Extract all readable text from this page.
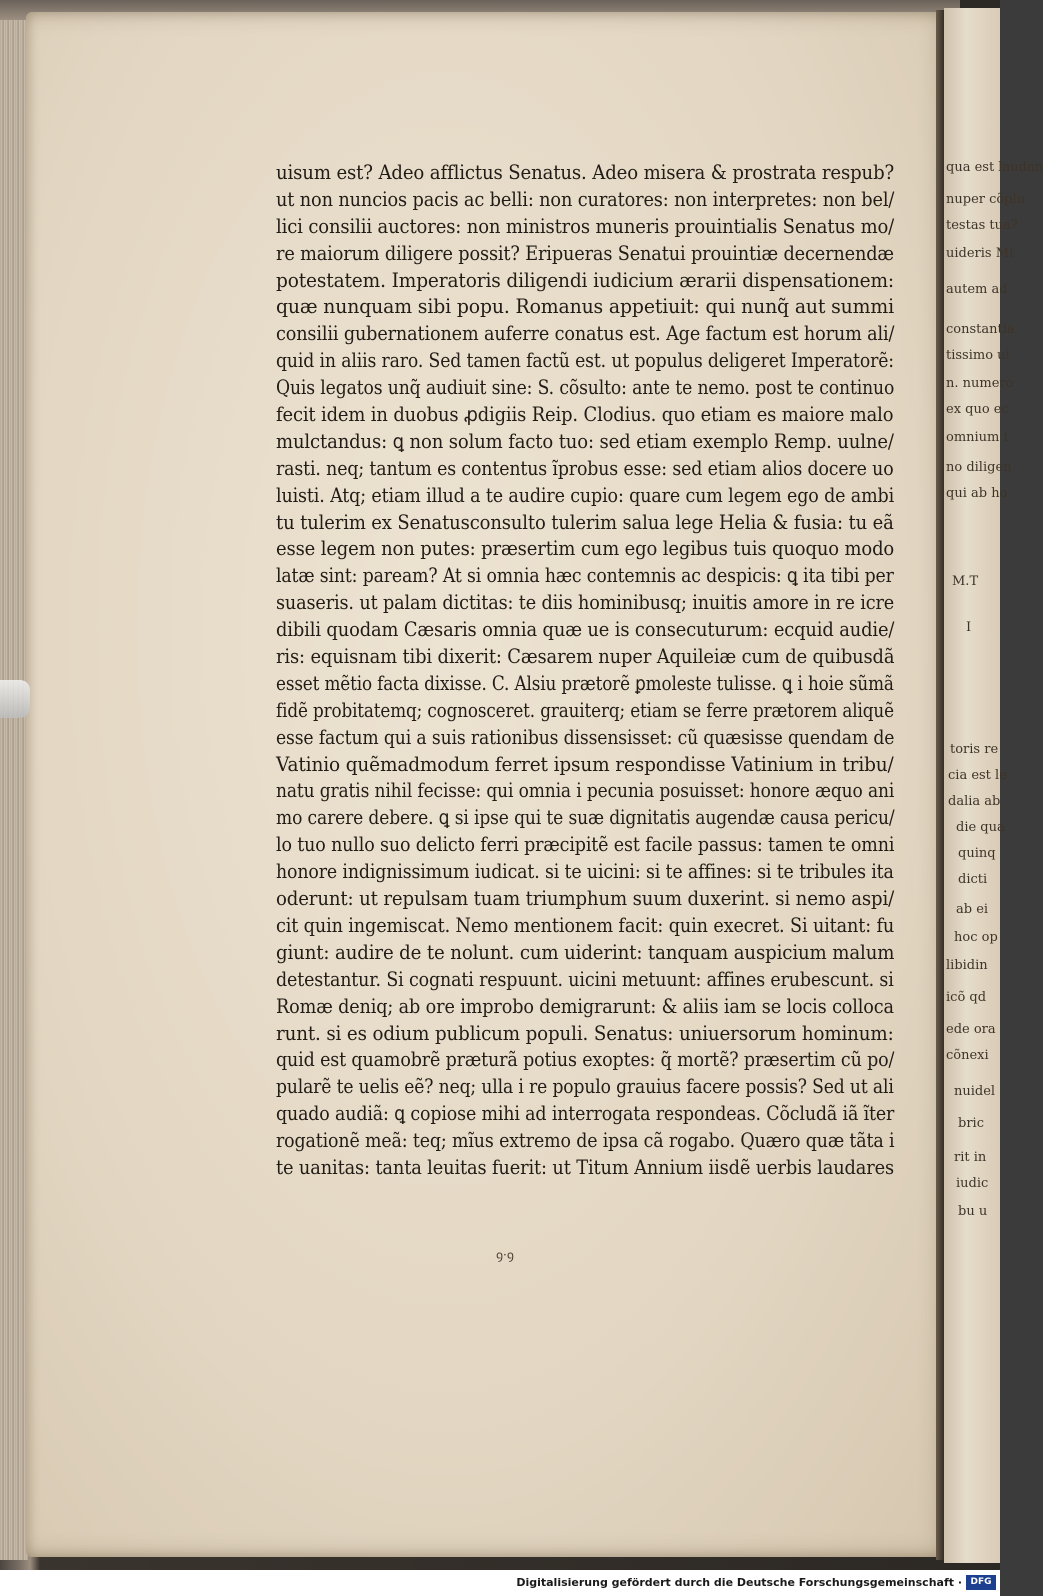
qua est laudan
nuper cõplu
testas tua?
uideris Mi
autem ad
constantia
tissimo ui
n. numero
ex quo ec
omnium t
no diligen
qui ab ho
M.T
I
toris re
cia est le
dalia ab
die qua
quinq
dicti
ab ei
hoc op
libidin
icõ qd
ede ora
cõnexi
nuidel
bric
rit in
iudic
bu u
uisum est? Adeo afflictus Senatus. Adeo misera & prostrata respub?
ut non nuncios pacis ac belli: non curatores: non interpretes: non bel/
lici consilii auctores: non ministros muneris prouintialis Senatus mo/
re maiorum diligere possit? Eripueras Senatui prouintiæ decernendæ
potestatem. Imperatoris diligendi iudicium ærarii dispensationem:
quæ nunquam sibi popu. Romanus appetiuit: qui nunq̃ aut summi
consilii gubernationem auferre conatus est. Age factum est horum ali/
quid in aliis raro. Sed tamen factũ est. ut populus deligeret Imperatorẽ:
Quis legatos unq̃ audiuit sine: S. cõsulto: ante te nemo. post te continuo
fecit idem in duobus ꝓdigiis Reip. Clodius. quo etiam es maiore malo
mulctandus: ꝗ non solum facto tuo: sed etiam exemplo Remp. uulne/
rasti. neq; tantum es contentus ĩprobus esse: sed etiam alios docere uo
luisti. Atq; etiam illud a te audire cupio: quare cum legem ego de ambi
tu tulerim ex Senatusconsulto tulerim salua lege Helia & fusia: tu eã
esse legem non putes: præsertim cum ego legibus tuis quoquo modo
latæ sint: paream? At si omnia hæc contemnis ac despicis: ꝗ ita tibi per
suaseris. ut palam dictitas: te diis hominibusq; inuitis amore in re icre
dibili quodam Cæsaris omnia quæ ue is consecuturum: ecquid audie/
ris: equisnam tibi dixerit: Cæsarem nuper Aquileiæ cum de quibusdã
esset mẽtio facta dixisse. C. Alsiu prætorẽ ꝑmoleste tulisse. ꝗ i hoie sũmã
fidẽ probitatemq; cognosceret. grauiterq; etiam se ferre prætorem aliquẽ
esse factum qui a suis rationibus dissensisset: cũ quæsisse quendam de
Vatinio quẽmadmodum ferret ipsum respondisse Vatinium in tribu/
natu gratis nihil fecisse: qui omnia i pecunia posuisset: honore æquo ani
mo carere debere. ꝗ si ipse qui te suæ dignitatis augendæ causa pericu/
lo tuo nullo suo delicto ferri præcipitẽ est facile passus: tamen te omni
honore indignissimum iudicat. si te uicini: si te affines: si te tribules ita
oderunt: ut repulsam tuam triumphum suum duxerint. si nemo aspi/
cit quin ingemiscat. Nemo mentionem facit: quin execret. Si uitant: fu
giunt: audire de te nolunt. cum uiderint: tanquam auspicium malum
detestantur. Si cognati respuunt. uicini metuunt: affines erubescunt. si
Romæ deniq; ab ore improbo demigrarunt: & aliis iam se locis colloca
runt. si es odium publicum populi. Senatus: uniuersorum hominum:
quid est quamobrẽ præturã potius exoptes: q̃ mortẽ? præsertim cũ po/
pularẽ te uelis eẽ? neq; ulla i re populo grauius facere possis? Sed ut ali
quado audiã: ꝗ copiose mihi ad interrogata respondeas. Cõcludã iã ĩter
rogationẽ meã: teq; mĩus extremo de ipsa cã rogabo. Quæro quæ tãta i
te uanitas: tanta leuitas fuerit: ut Titum Annium iisdẽ uerbis laudares
ꝯ·ꝯ
Digitalisierung gefördert durch die Deutsche Forschungsgemeinschaft · DFG
